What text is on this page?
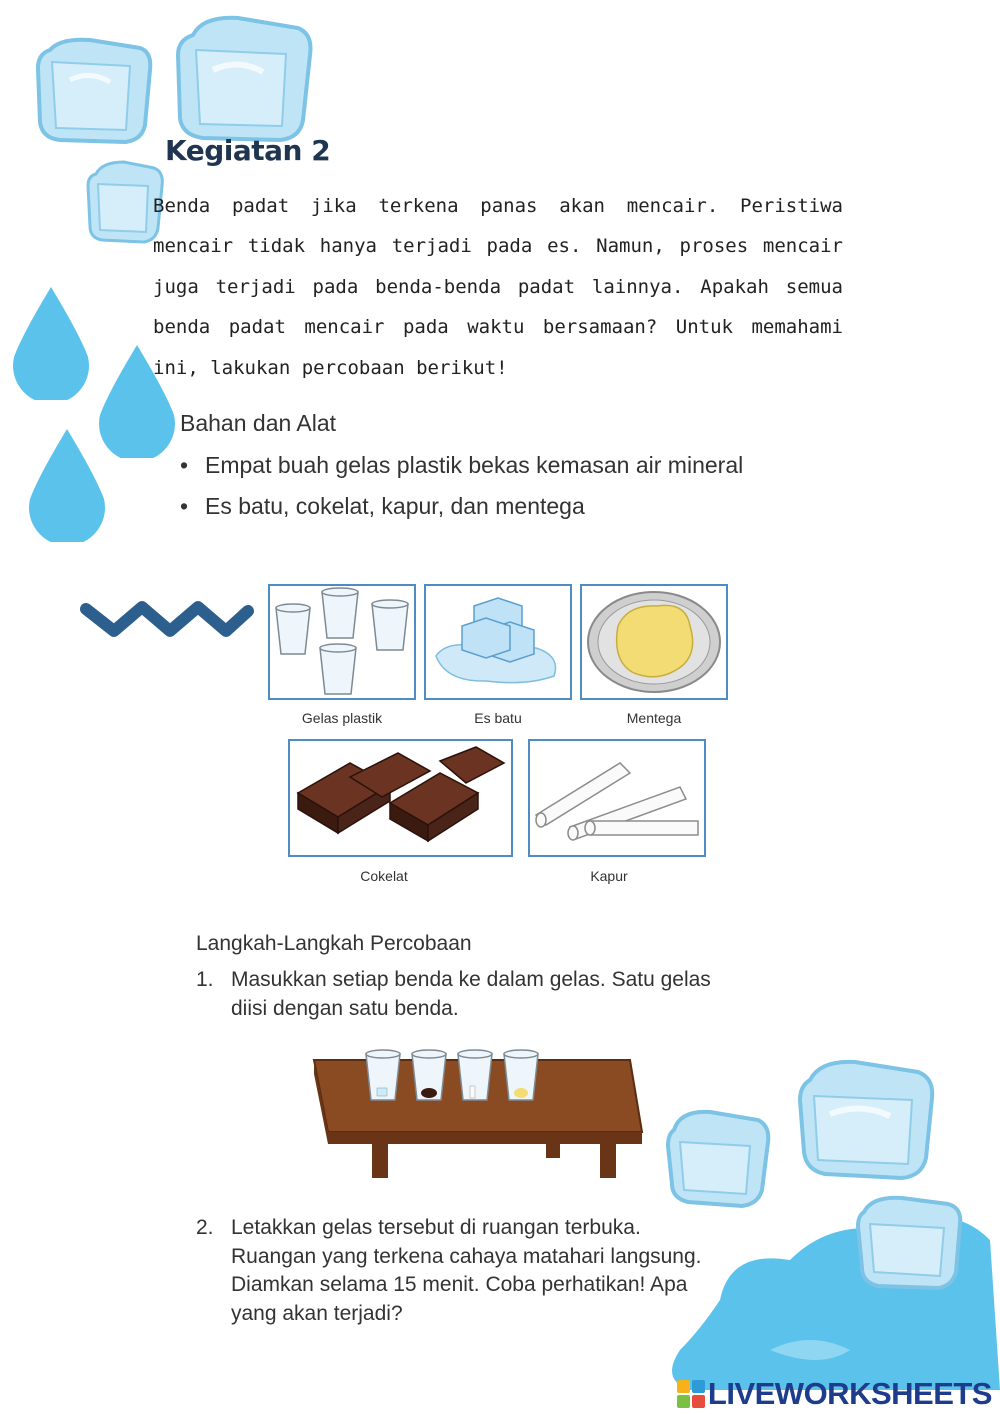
Kegiatan 2
Benda padat jika terkena panas akan mencair. Peristiwa mencair tidak hanya terjadi pada es. Namun, proses mencair juga terjadi pada benda-benda padat lainnya. Apakah semua benda padat mencair pada waktu bersamaan? Untuk memahami ini, lakukan percobaan berikut!
Bahan dan Alat
• Empat buah gelas plastik bekas kemasan air mineral
• Es batu, cokelat, kapur, dan mentega
Gelas plastik	Es batu	Mentega
Cokelat	Kapur
Langkah-Langkah Percobaan
1. Masukkan setiap benda ke dalam gelas. Satu gelas diisi dengan satu benda.
2. Letakkan gelas tersebut di ruangan terbuka. Ruangan yang terkena cahaya matahari langsung. Diamkan selama 15 menit. Coba perhatikan! Apa yang akan terjadi?
LIVEWORKSHEETS
